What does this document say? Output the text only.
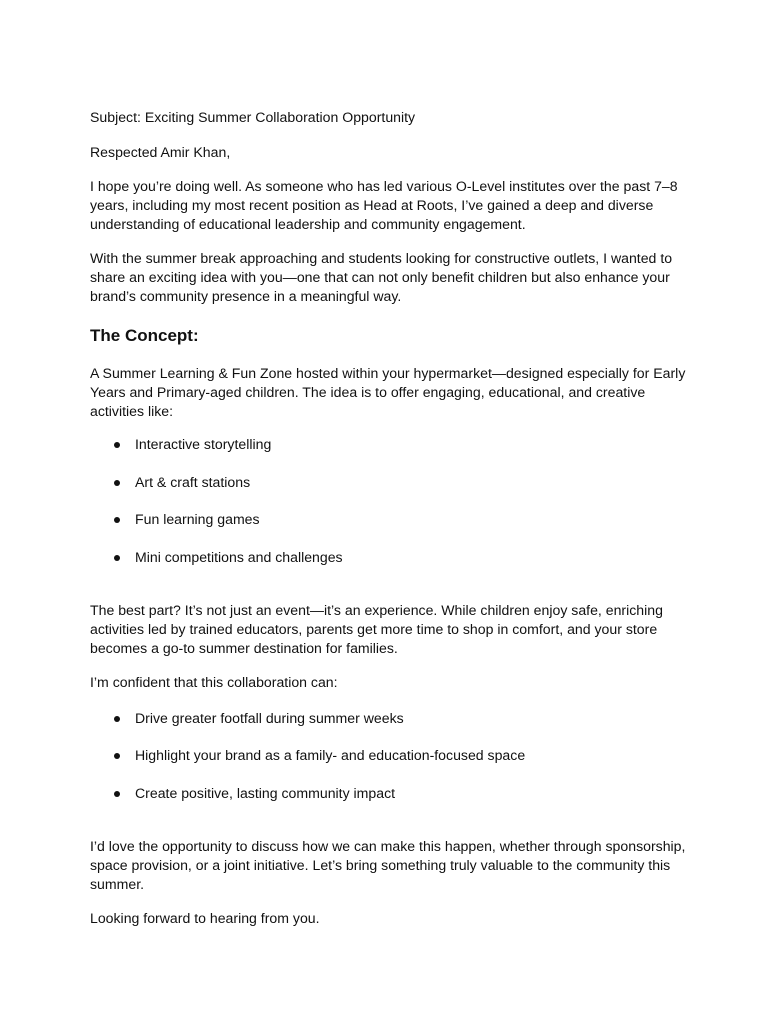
Subject: Exciting Summer Collaboration Opportunity

Respected Amir Khan,

I hope you’re doing well. As someone who has led various O-Level institutes over the past 7–8 years, including my most recent position as Head at Roots, I’ve gained a deep and diverse understanding of educational leadership and community engagement.

With the summer break approaching and students looking for constructive outlets, I wanted to share an exciting idea with you—one that can not only benefit children but also enhance your brand’s community presence in a meaningful way.

The Concept:

A Summer Learning & Fun Zone hosted within your hypermarket—designed especially for Early Years and Primary-aged children. The idea is to offer engaging, educational, and creative activities like:

Interactive storytelling
Art & craft stations
Fun learning games
Mini competitions and challenges

The best part? It’s not just an event—it’s an experience. While children enjoy safe, enriching activities led by trained educators, parents get more time to shop in comfort, and your store becomes a go-to summer destination for families.

I’m confident that this collaboration can:

Drive greater footfall during summer weeks
Highlight your brand as a family- and education-focused space
Create positive, lasting community impact

I’d love the opportunity to discuss how we can make this happen, whether through sponsorship, space provision, or a joint initiative. Let’s bring something truly valuable to the community this summer.

Looking forward to hearing from you.
